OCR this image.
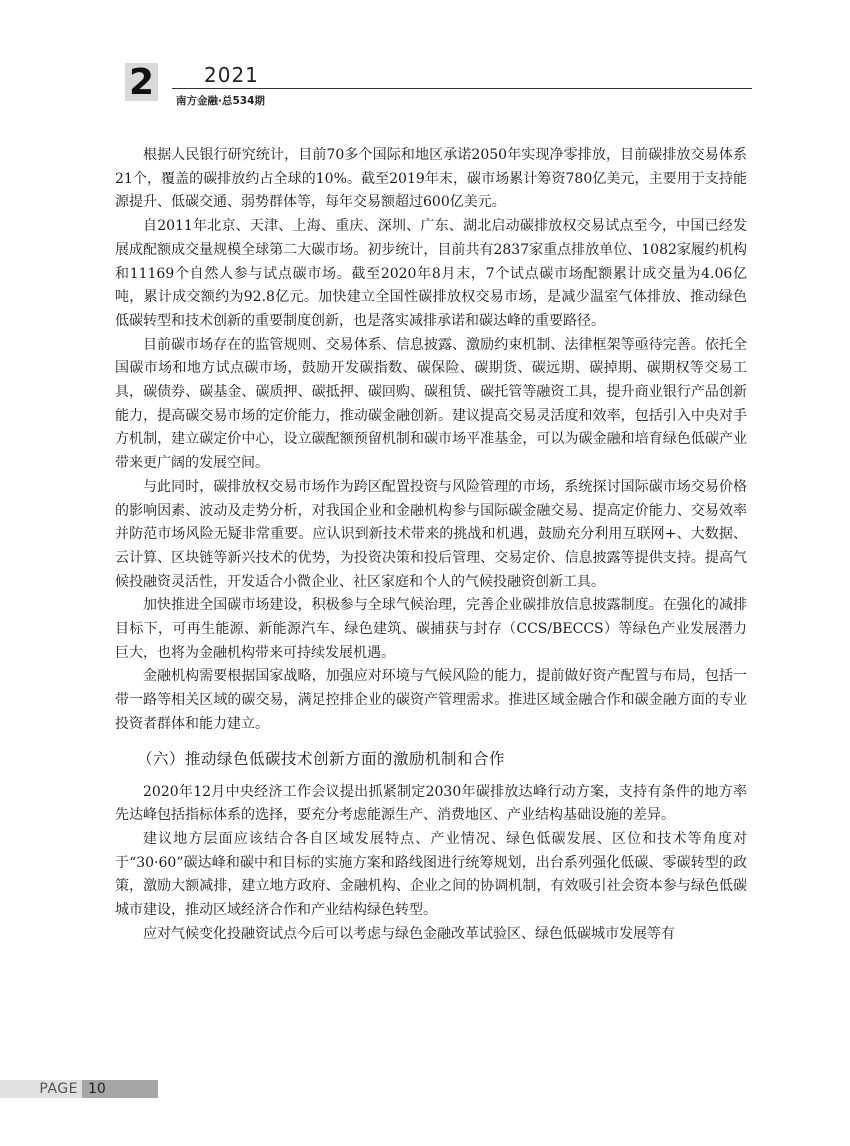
2 2021
南方金融·总534期

根据人民银行研究统计，目前70多个国际和地区承诺2050年实现净零排放，目前碳排放交易体系21个，覆盖的碳排放约占全球的10%。截至2019年末，碳市场累计筹资780亿美元，主要用于支持能源提升、低碳交通、弱势群体等，每年交易额超过600亿美元。

自2011年北京、天津、上海、重庆、深圳、广东、湖北启动碳排放权交易试点至今，中国已经发展成配额成交量规模全球第二大碳市场。初步统计，目前共有2837家重点排放单位、1082家履约机构和11169个自然人参与试点碳市场。截至2020年8月末，7个试点碳市场配额累计成交量为4.06亿吨，累计成交额约为92.8亿元。加快建立全国性碳排放权交易市场，是减少温室气体排放、推动绿色低碳转型和技术创新的重要制度创新，也是落实减排承诺和碳达峰的重要路径。

目前碳市场存在的监管规则、交易体系、信息披露、激励约束机制、法律框架等亟待完善。依托全国碳市场和地方试点碳市场，鼓励开发碳指数、碳保险、碳期货、碳远期、碳掉期、碳期权等交易工具，碳债券、碳基金、碳质押、碳抵押、碳回购、碳租赁、碳托管等融资工具，提升商业银行产品创新能力，提高碳交易市场的定价能力，推动碳金融创新。建议提高交易灵活度和效率，包括引入中央对手方机制，建立碳定价中心，设立碳配额预留机制和碳市场平准基金，可以为碳金融和培育绿色低碳产业带来更广阔的发展空间。

与此同时，碳排放权交易市场作为跨区配置投资与风险管理的市场，系统探讨国际碳市场交易价格的影响因素、波动及走势分析，对我国企业和金融机构参与国际碳金融交易、提高定价能力、交易效率并防范市场风险无疑非常重要。应认识到新技术带来的挑战和机遇，鼓励充分利用互联网+、大数据、云计算、区块链等新兴技术的优势，为投资决策和投后管理、交易定价、信息披露等提供支持。提高气候投融资灵活性，开发适合小微企业、社区家庭和个人的气候投融资创新工具。

加快推进全国碳市场建设，积极参与全球气候治理，完善企业碳排放信息披露制度。在强化的减排目标下，可再生能源、新能源汽车、绿色建筑、碳捕获与封存（CCS/BECCS）等绿色产业发展潜力巨大，也将为金融机构带来可持续发展机遇。

金融机构需要根据国家战略，加强应对环境与气候风险的能力，提前做好资产配置与布局，包括一带一路等相关区域的碳交易，满足控排企业的碳资产管理需求。推进区域金融合作和碳金融方面的专业投资者群体和能力建立。

（六）推动绿色低碳技术创新方面的激励机制和合作

2020年12月中央经济工作会议提出抓紧制定2030年碳排放达峰行动方案，支持有条件的地方率先达峰包括指标体系的选择，要充分考虑能源生产、消费地区、产业结构基础设施的差异。

建议地方层面应该结合各自区域发展特点、产业情况、绿色低碳发展、区位和技术等角度对于“30·60”碳达峰和碳中和目标的实施方案和路线图进行统筹规划，出台系列强化低碳、零碳转型的政策，激励大额减排，建立地方政府、金融机构、企业之间的协调机制，有效吸引社会资本参与绿色低碳城市建设，推动区域经济合作和产业结构绿色转型。

应对气候变化投融资试点今后可以考虑与绿色金融改革试验区、绿色低碳城市发展等有

PAGE 10
